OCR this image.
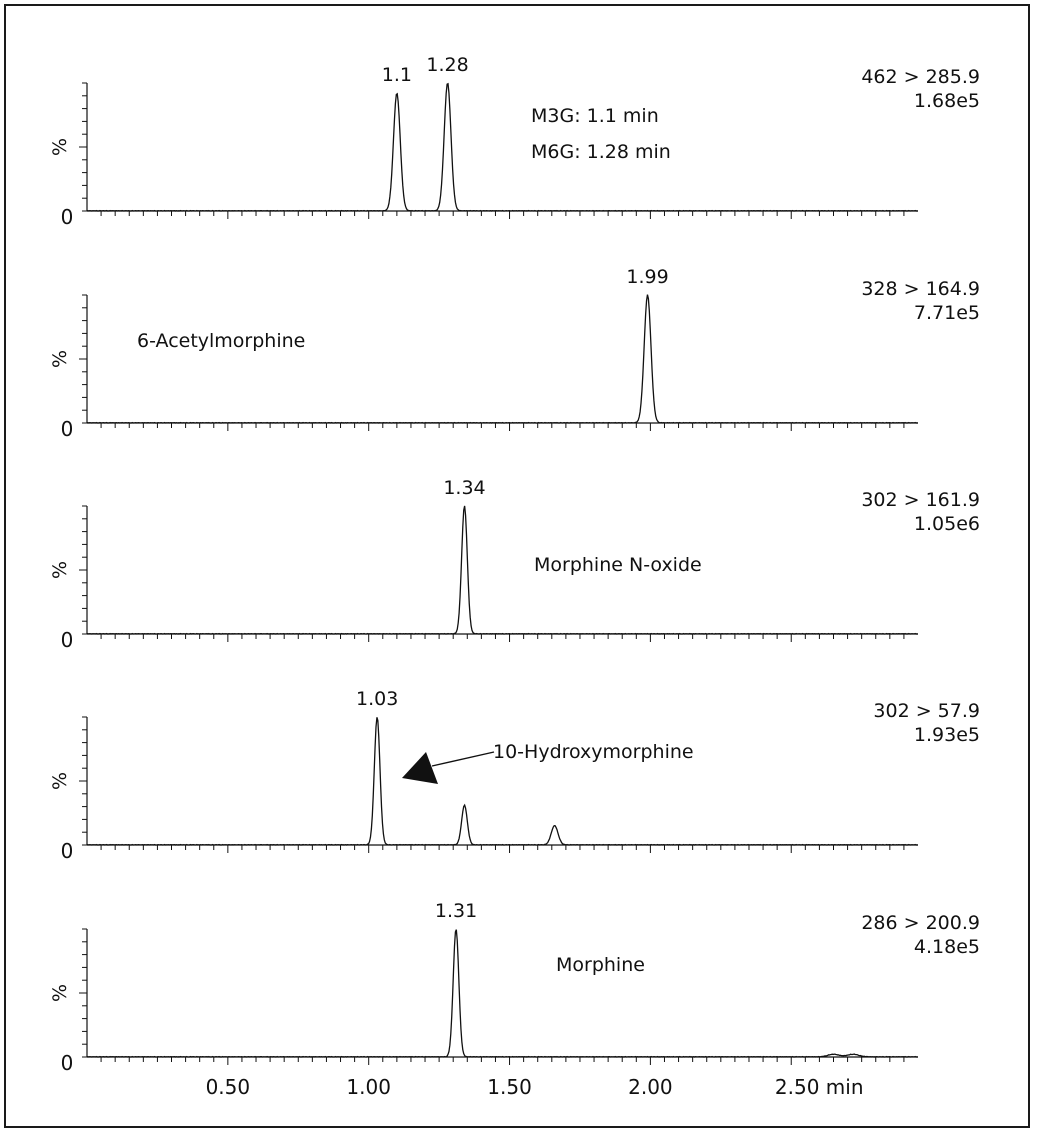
%
0
1.1 1.28
462 > 285.9
1.68e5
M3G: 1.1 min
M6G: 1.28 min
%
0
1.99
328 > 164.9
7.71e5
6-Acetylmorphine
%
0
1.34
302 > 161.9
1.05e6
Morphine N-oxide
%
0
1.03
302 > 57.9
1.93e5
10-Hydroxymorphine
%
0
1.31
286 > 200.9
4.18e5
Morphine
0.50	1.00	1.50	2.00	2.50 min
